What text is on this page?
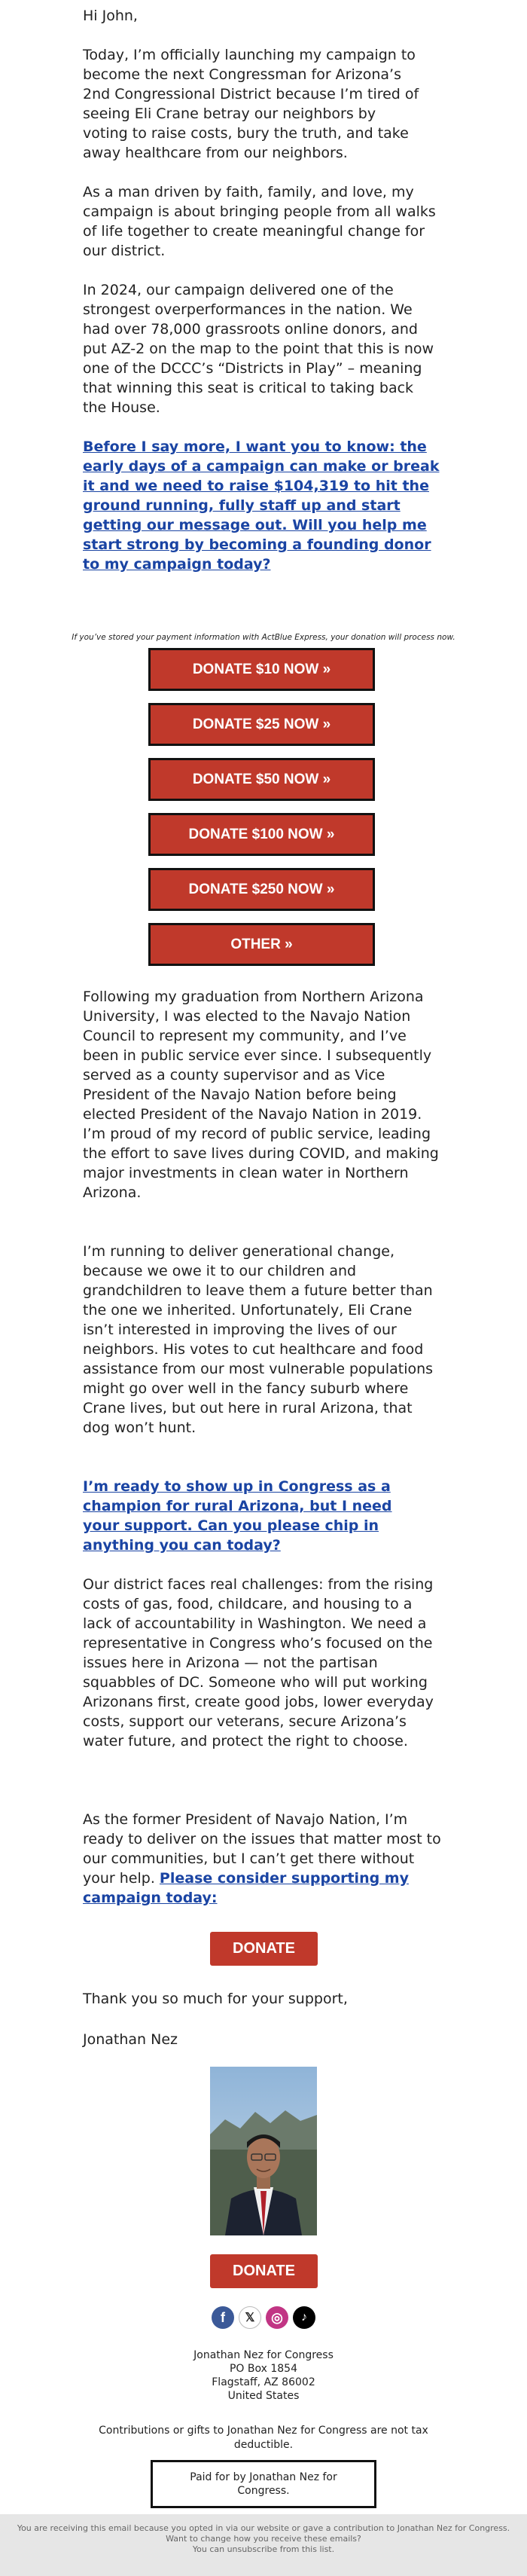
Hi John,

Today, I’m officially launching my campaign to become the next Congressman for Arizona’s 2nd Congressional District because I’m tired of seeing Eli Crane betray our neighbors by voting to raise costs, bury the truth, and take away healthcare from our neighbors.

As a man driven by faith, family, and love, my campaign is about bringing people from all walks of life together to create meaningful change for our district.

In 2024, our campaign delivered one of the strongest overperformances in the nation. We had over 78,000 grassroots online donors, and put AZ-2 on the map to the point that this is now one of the DCCC’s “Districts in Play” – meaning that winning this seat is critical to taking back the House.

Before I say more, I want you to know: the early days of a campaign can make or break it and we need to raise $104,319 to hit the ground running, fully staff up and start getting our message out. Will you help me start strong by becoming a founding donor to my campaign today?
If you’ve stored your payment information with ActBlue Express, your donation will process now.
DONATE $10 NOW »
DONATE $25 NOW »
DONATE $50 NOW »
DONATE $100 NOW »
DONATE $250 NOW »
OTHER »

Following my graduation from Northern Arizona University, I was elected to the Navajo Nation Council to represent my community, and I’ve been in public service ever since. I subsequently served as a county supervisor and as Vice President of the Navajo Nation before being elected President of the Navajo Nation in 2019. I’m proud of my record of public service, leading the effort to save lives during COVID, and making major investments in clean water in Northern Arizona.

I’m running to deliver generational change, because we owe it to our children and grandchildren to leave them a future better than the one we inherited. Unfortunately, Eli Crane isn’t interested in improving the lives of our neighbors. His votes to cut healthcare and food assistance from our most vulnerable populations might go over well in the fancy suburb where Crane lives, but out here in rural Arizona, that dog won’t hunt.

I’m ready to show up in Congress as a champion for rural Arizona, but I need your support. Can you please chip in anything you can today?

Our district faces real challenges: from the rising costs of gas, food, childcare, and housing to a lack of accountability in Washington. We need a representative in Congress who’s focused on the issues here in Arizona — not the partisan squabbles of DC. Someone who will put working Arizonans first, create good jobs, lower everyday costs, support our veterans, secure Arizona’s water future, and protect the right to choose.

As the former President of Navajo Nation, I’m ready to deliver on the issues that matter most to our communities, but I can’t get there without your help. Please consider supporting my campaign today:

DONATE

Thank you so much for your support,

Jonathan Nez

DONATE
f 𝕏 ◎ ♪
Jonathan Nez for Congress
PO Box 1854
Flagstaff, AZ 86002
United States
Contributions or gifts to Jonathan Nez for Congress are not tax deductible.
Paid for by Jonathan Nez for Congress.
You are receiving this email because you opted in via our website or gave a contribution to Jonathan Nez for Congress. Want to change how you receive these emails?
You can unsubscribe from this list.
